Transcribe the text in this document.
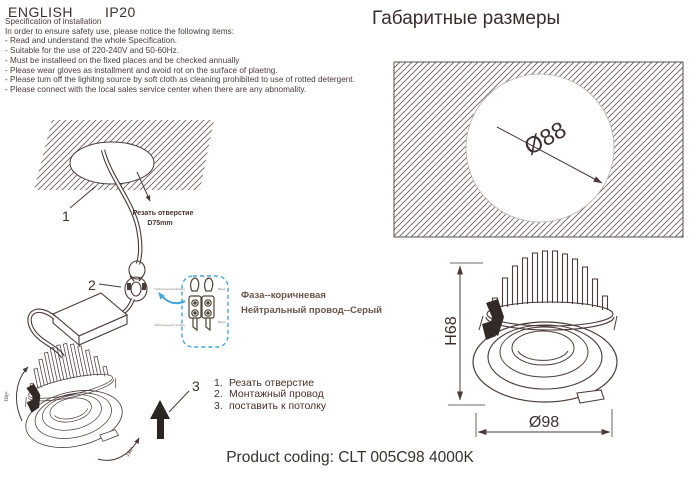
ENGLISH IP20
Specification of installation
In order to ensure safety use, please notice the following items:
- Read and understand the whole Specification.
- Suitable for the use of 220-240V and 50-60Hz.
- Must be installeed on the fixed places and be checked annually
- Please wear gloves as installment and avoid rot on the surface of plaetng.
- Please tum off the lighitng source by soft cloth as cleaning prohibited to use of rotted detergent.
- Please connect with the local sales service center when there are any abnomality.
Габаритные размеры
Фаза--коричневая
Нейтральный провод--Серый
1. Резать отверстие
2. Монтажный провод
3. поставить к потолку
Product coding: CLT 005C98 4000K
180°
180°
1
2
3
Резать отверстие
D75mm
Нейтральный провод
Нейтральный провод
Фаза
Фаза
Ø88
H68
Ø98
